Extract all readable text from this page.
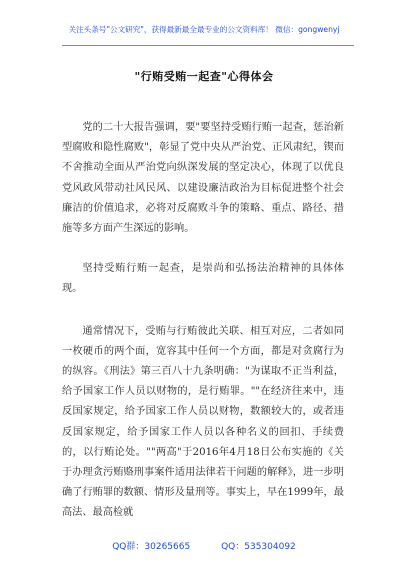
关注头条号"公文研究"，获得最新最全最专业的公文资料库！ 微信：gongwenyj
"行贿受贿一起查"心得体会

党的二十大报告强调，要"要坚持受贿行贿一起查，惩治新型腐败和隐性腐败"，彰显了党中央从严治党、正风肃纪，锲而不舍推动全面从严治党向纵深发展的坚定决心，体现了以优良党风政风带动社风民风、以建设廉洁政治为目标促进整个社会廉洁的价值追求，必将对反腐败斗争的策略、重点、路径、措施等多方面产生深远的影响。

坚持受贿行贿一起查，是崇尚和弘扬法治精神的具体体现。

通常情况下，受贿与行贿彼此关联、相互对应，二者如同一枚硬币的两个面，宽容其中任何一个方面，都是对贪腐行为的纵容。《刑法》第三百八十九条明确："为谋取不正当利益，给予国家工作人员以财物的，是行贿罪。""在经济往来中，违反国家规定，给予国家工作人员以财物，数额较大的，或者违反国家规定，给予国家工作人员以各种名义的回扣、手续费的，以行贿论处。""两高"于2016年4月18日公布实施的《关于办理贪污贿赂刑事案件适用法律若干问题的解释》，进一步明确了行贿罪的数额、情形及量刑等。事实上，早在1999年，最高法、最高检就

QQ群：30265665	QQ：535304092
